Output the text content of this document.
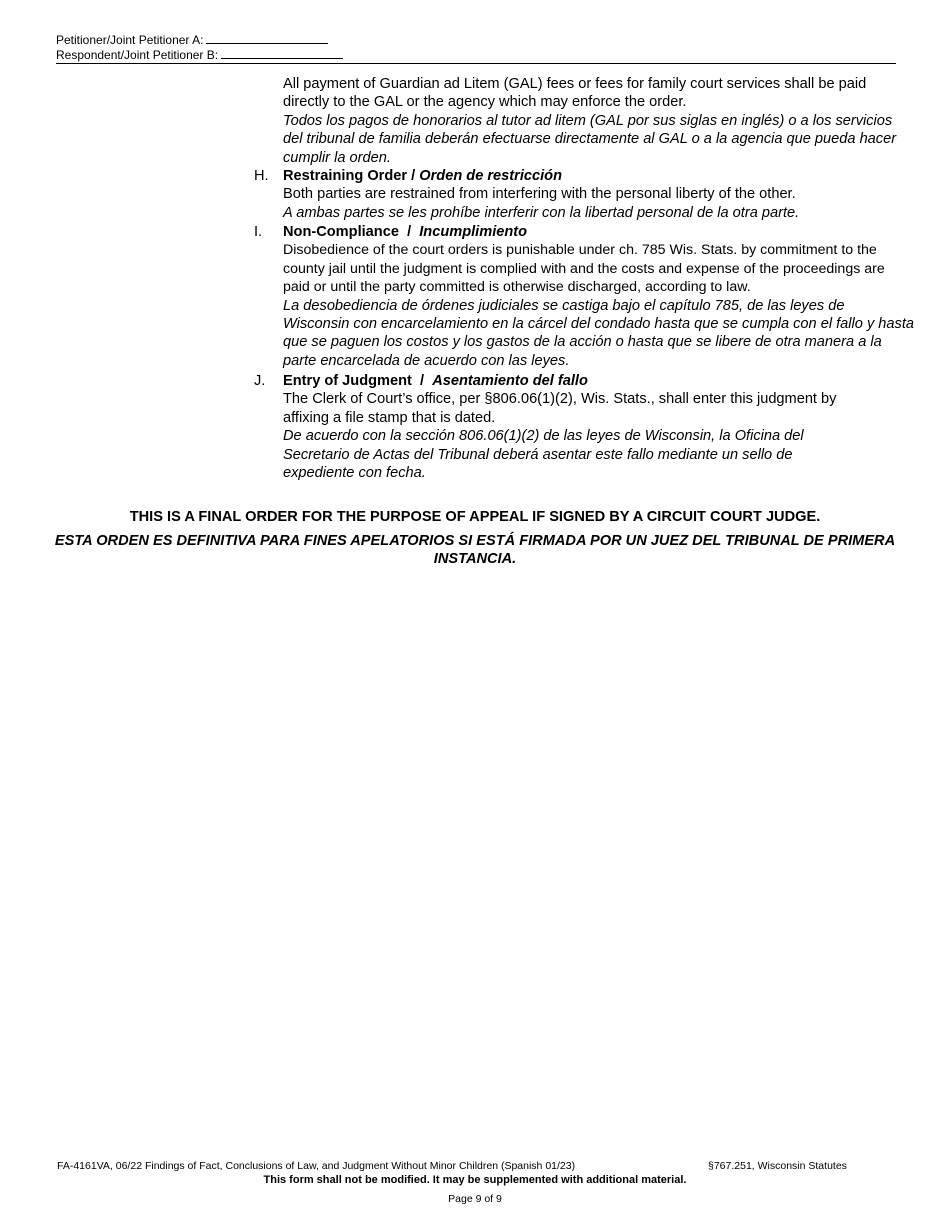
Petitioner/Joint Petitioner A:
Respondent/Joint Petitioner B:
All payment of Guardian ad Litem (GAL) fees or fees for family court services shall be paid directly to the GAL or the agency which may enforce the order.
Todos los pagos de honorarios al tutor ad litem (GAL por sus siglas en inglés) o a los servicios del tribunal de familia deberán efectuarse directamente al GAL o a la agencia que pueda hacer cumplir la orden.
H. Restraining Order / Orden de restricción
Both parties are restrained from interfering with the personal liberty of the other.
A ambas partes se les prohíbe interferir con la libertad personal de la otra parte.
I.	Non-Compliance / Incumplimiento
Disobedience of the court orders is punishable under ch. 785 Wis. Stats. by commitment to the county jail until the judgment is complied with and the costs and expense of the proceedings are paid or until the party committed is otherwise discharged, according to law.
La desobediencia de órdenes judiciales se castiga bajo el capítulo 785, de las leyes de Wisconsin con encarcelamiento en la cárcel del condado hasta que se cumpla con el fallo y hasta que se paguen los costos y los gastos de la acción o hasta que se libere de otra manera a la parte encarcelada de acuerdo con las leyes.
J.	Entry of Judgment / Asentamiento del fallo
The Clerk of Court’s office, per §806.06(1)(2), Wis. Stats., shall enter this judgment by affixing a file stamp that is dated.
De acuerdo con la sección 806.06(1)(2) de las leyes de Wisconsin, la Oficina del Secretario de Actas del Tribunal deberá asentar este fallo mediante un sello de expediente con fecha.
THIS IS A FINAL ORDER FOR THE PURPOSE OF APPEAL IF SIGNED BY A CIRCUIT COURT JUDGE.
ESTA ORDEN ES DEFINITIVA PARA FINES APELATORIOS SI ESTÁ FIRMADA POR UN JUEZ DEL TRIBUNAL DE PRIMERA INSTANCIA.
FA-4161VA, 06/22 Findings of Fact, Conclusions of Law, and Judgment Without Minor Children (Spanish 01/23)	§767.251, Wisconsin Statutes
This form shall not be modified. It may be supplemented with additional material.
Page 9 of 9
